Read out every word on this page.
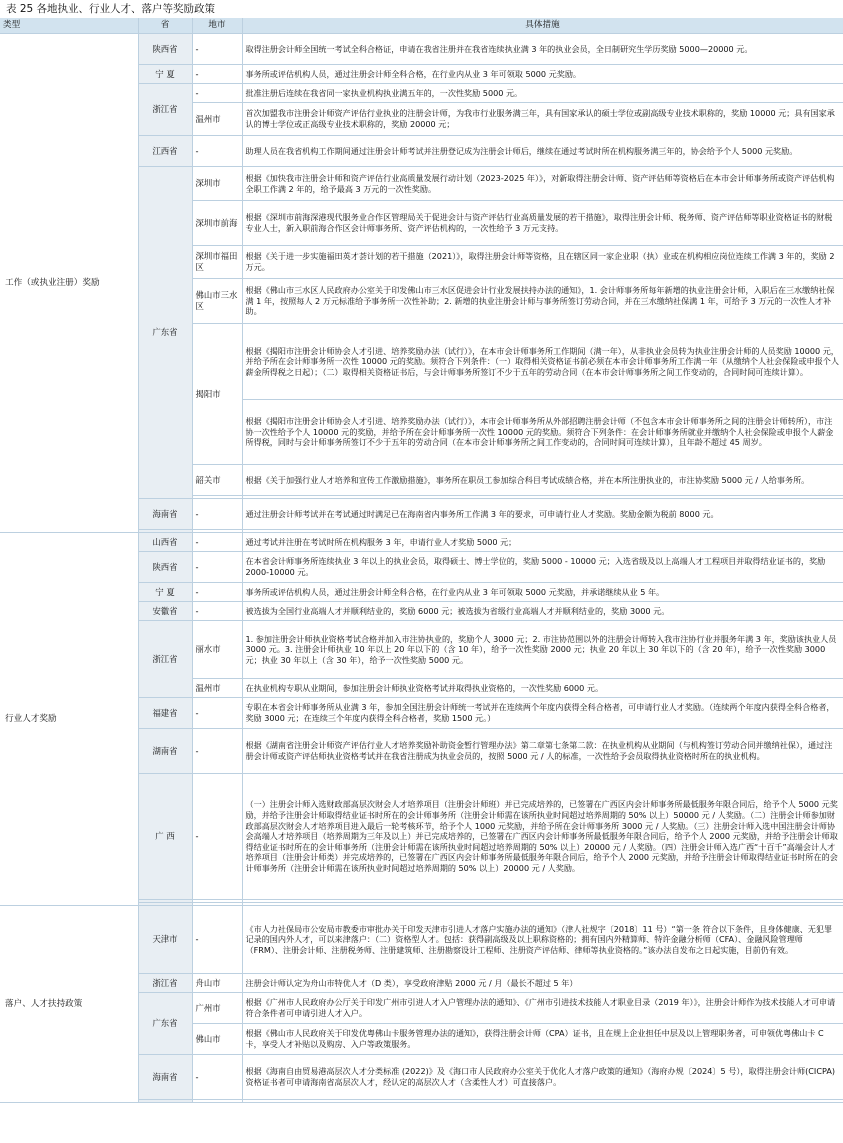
表 25 各地执业、行业人才、落户等奖励政策
类型	省	地市	具体措施
工作（或执业注册）奖励	陕西省	-	取得注册会计师全国统一考试全科合格证，申请在我省注册并在我省连续执业满 3 年的执业会员，全日制研究生学历奖励 5000—20000 元。
	宁 夏	-	事务所或评估机构人员，通过注册会计师全科合格，在行业内从业 3 年可领取 5000 元奖励。
	浙江省	-	批准注册后连续在我省同一家执业机构执业满五年的，一次性奖励 5000 元。
		温州市	首次加盟我市注册会计师资产评估行业执业的注册会计师，为我市行业服务满三年，具有国家承认的硕士学位或副高级专业技术职称的，奖励 10000 元；具有国家承认的博士学位或正高级专业技术职称的，奖励 20000 元；
	江西省	-	助理人员在我省机构工作期间通过注册会计师考试并注册登记成为注册会计师后，继续在通过考试时所在机构服务满三年的，协会给予个人 5000 元奖励。
	广东省	深圳市	根据《加快我市注册会计师和资产评估行业高质量发展行动计划（2023-2025 年）》，对新取得注册会计师、资产评估师等资格后在本市会计师事务所或资产评估机构全职工作满 2 年的，给予最高 3 万元的一次性奖励。
		深圳市前海	根据《深圳市前海深港现代服务业合作区管理局关于促进会计与资产评估行业高质量发展的若干措施》，取得注册会计师、税务师、资产评估师等职业资格证书的财税专业人士，新入职前海合作区会计师事务所、资产评估机构的，一次性给予 3 万元支持。
		深圳市福田区	根据《关于进一步实施福田英才荟计划的若干措施（2021）》，取得注册会计师等资格，且在辖区同一家企业职（执）业或在机构相应岗位连续工作满 3 年的，奖励 2 万元。
		佛山市三水区	根据《佛山市三水区人民政府办公室关于印发佛山市三水区促进会计行业发展扶持办法的通知》，1. 会计师事务所每年新增的执业注册会计师，入职后在三水缴纳社保满 1 年，按照每人 2 万元标准给予事务所一次性补助；2. 新增的执业注册会计师与事务所签订劳动合同，并在三水缴纳社保满 1 年，可给予 3 万元的一次性人才补助。
		揭阳市	根据《揭阳市注册会计师协会人才引进、培养奖励办法（试行）》，在本市会计师事务所工作期间（满一年），从非执业会员转为执业注册会计师的人员奖励 10000 元，并给予所在会计师事务所一次性 10000 元的奖励。须符合下列条件：（一）取得相关资格证书前必须在本市会计师事务所工作满一年（从缴纳个人社会保险或申报个人薪金所得税之日起）；（二）取得相关资格证书后，与会计师事务所签订不少于五年的劳动合同（在本市会计师事务所之间工作变动的，合同时间可连续计算）。
			根据《揭阳市注册会计师协会人才引进、培养奖励办法（试行）》，本市会计师事务所从外部招聘注册会计师（不包含本市会计师事务所之间的注册会计师转所），市注协一次性给予个人 10000 元的奖励，并给予所在会计师事务所一次性 10000 元的奖励。须符合下列条件：在会计师事务所就业并缴纳个人社会保险或申报个人薪金所得税，同时与会计师事务所签订不少于五年的劳动合同（在本市会计师事务所之间工作变动的，合同时间可连续计算），且年龄不超过 45 周岁。
		韶关市	根据《关于加强行业人才培养和宣传工作激励措施》，事务所在职员工参加综合科目考试成绩合格，并在本所注册执业的，市注协奖励 5000 元 / 人给事务所。

	海南省	-	通过注册会计师考试并在考试通过时满足已在海南省内事务所工作满 3 年的要求，可申请行业人才奖励。奖励金额为税前 8000 元。

行业人才奖励	山西省	-	通过考试并注册在考试时所在机构服务 3 年，申请行业人才奖励 5000 元；
	陕西省	-	在本省会计师事务所连续执业 3 年以上的执业会员，取得硕士、博士学位的，奖励 5000 - 10000 元；入选省级及以上高端人才工程项目并取得结业证书的，奖励 2000-10000 元。
	宁 夏	-	事务所或评估机构人员，通过注册会计师全科合格，在行业内从业 3 年可领取 5000 元奖励，并承诺继续从业 5 年。
	安徽省	-	被选拔为全国行业高端人才并顺利结业的，奖励 6000 元；被选拔为省级行业高端人才并顺利结业的，奖励 3000 元。
	浙江省	丽水市	1. 参加注册会计师执业资格考试合格并加入市注协执业的，奖励个人 3000 元；2. 市注协范围以外的注册会计师转入我市注协行业并服务年满 3 年，奖励该执业人员 3000 元。3. 注册会计师执业 10 年以上 20 年以下的（含 10 年），给予一次性奖励 2000 元；执业 20 年以上 30 年以下的（含 20 年），给予一次性奖励 3000 元；执业 30 年以上（含 30 年），给予一次性奖励 5000 元。
		温州市	在执业机构专职从业期间，参加注册会计师执业资格考试并取得执业资格的，一次性奖励 6000 元。
	福建省	-	专职在本省会计师事务所从业满 3 年，参加全国注册会计师统一考试并在连续两个年度内获得全科合格者，可申请行业人才奖励。（连续两个年度内获得全科合格者，奖励 3000 元；在连续三个年度内获得全科合格者，奖励 1500 元。）
	湖南省	-	根据《湖南省注册会计师资产评估行业人才培养奖励补助资金暂行管理办法》第二章第七条第二款：在执业机构从业期间（与机构签订劳动合同并缴纳社保），通过注册会计师或资产评估师执业资格考试并在我省注册成为执业会员的，按照 5000 元 / 人的标准，一次性给予会员取得执业资格时所在的执业机构。
	广 西	-	（一）注册会计师入选财政部高层次财会人才培养项目（注册会计师班）并已完成培养的，已签署在广西区内会计师事务所最低服务年限合同后，给予个人 5000 元奖励，并给予注册会计师取得结业证书时所在的会计师事务所（注册会计师需在该所执业时间超过培养周期的 50% 以上）50000 元 / 人奖励。（二）注册会计师参加财政部高层次财会人才培养项目进入最后一轮考核环节，给予个人 1000 元奖励，并给予所在会计师事务所 3000 元 / 人奖励。（三）注册会计师入选中国注册会计师协会高端人才培养项目（培养周期为三年及以上）并已完成培养的，已签署在广西区内会计师事务所最低服务年限合同后，给予个人 2000 元奖励，并给予注册会计师取得结业证书时所在的会计师事务所（注册会计师需在该所执业时间超过培养周期的 50% 以上）20000 元 / 人奖励。（四）注册会计师入选广西“十百千”高端会计人才培养项目（注册会计师类）并完成培养的，已签署在广西区内会计师事务所最低服务年限合同后，给予个人 2000 元奖励，并给予注册会计师取得结业证书时所在的会计师事务所（注册会计师需在该所执业时间超过培养周期的 50% 以上）20000 元 / 人奖励。

落户、人才扶持政策	天津市	-	《市人力社保局市公安局市教委市审批办关于印发天津市引进人才落户实施办法的通知》（津人社规字〔2018〕11 号）“第一条 符合以下条件，且身体健康、无犯罪记录的国内外人才，可以来津落户：（二）资格型人才。包括：获得副高级及以上职称资格的；拥有国内外精算师、特许金融分析师（CFA）、金融风险管理师（FRM）、注册会计师、注册税务师、注册建筑师、注册勘察设计工程师、注册资产评估师、律师等执业资格的。”该办法自发布之日起实施，目前仍有效。
	浙江省	舟山市	注册会计师认定为舟山市特优人才（D 类），享受政府津贴 2000 元 / 月（最长不超过 5 年）
	广东省	广州市	根据《广州市人民政府办公厅关于印发广州市引进人才入户管理办法的通知》、《广州市引进技术技能人才职业目录（2019 年）》，注册会计师作为技术技能人才可申请符合条件者可申请引进人才入户。
		佛山市	根据《佛山市人民政府关于印发优粤佛山卡服务管理办法的通知》，获得注册会计师（CPA）证书，且在规上企业担任中层及以上管理职务者，可申领优粤佛山卡 C 卡，享受人才补贴以及购房、入户等政策服务。
	海南省	-	根据《海南自由贸易港高层次人才分类标准 (2022)》及《海口市人民政府办公室关于优化人才落户政策的通知》（海府办规〔2024〕5 号），取得注册会计师(CICPA)资格证书者可申请海南省高层次人才，经认定的高层次人才（含柔性人才）可直接落户。
